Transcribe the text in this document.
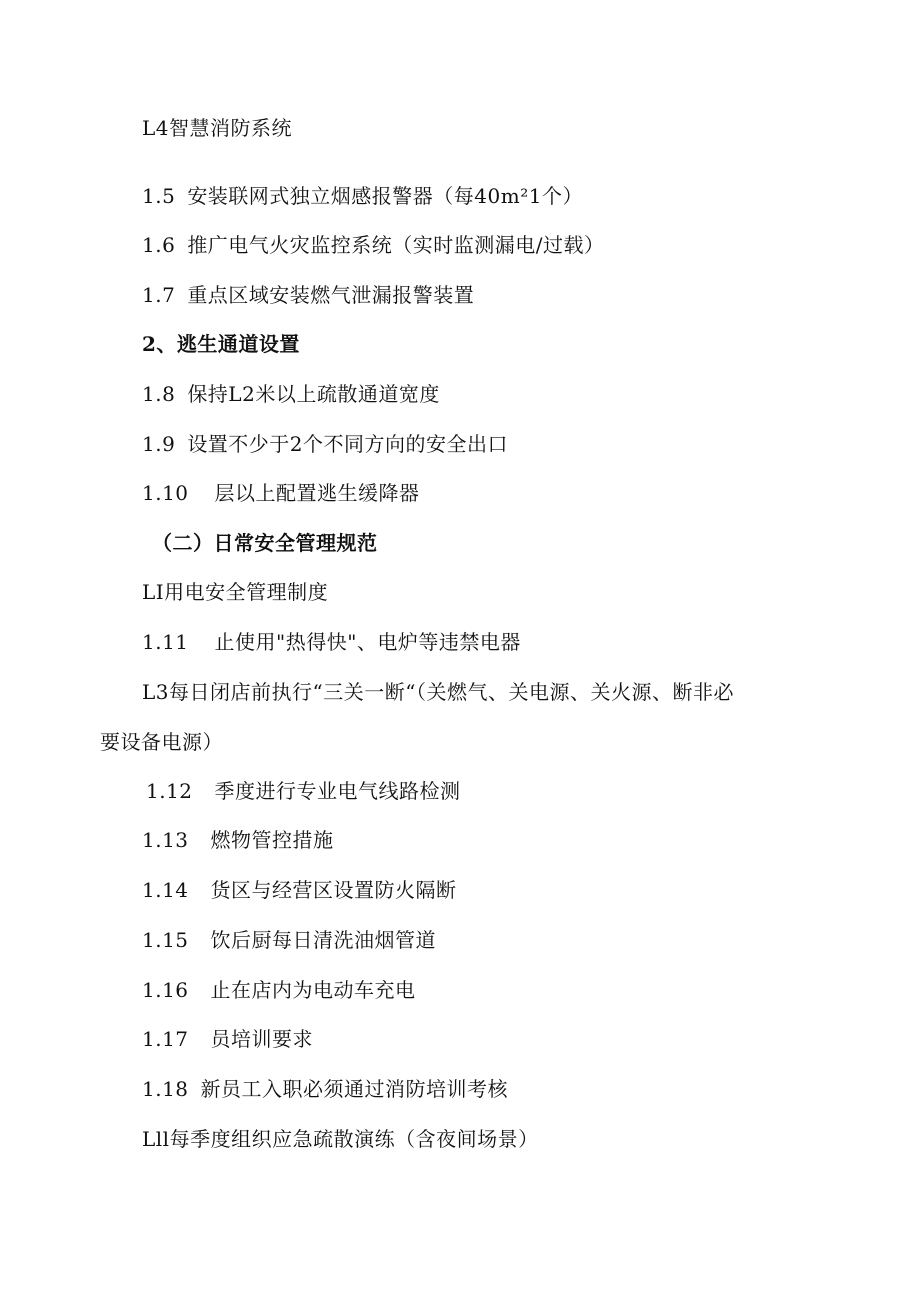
L4智慧消防系统
1.5 安装联网式独立烟感报警器（每40m²1个）
1.6 推广电气火灾监控系统（实时监测漏电/过载）
1.7 重点区域安装燃气泄漏报警装置
2、逃生通道设置
1.8 保持L2米以上疏散通道宽度
1.9 设置不少于2个不同方向的安全出口
1.10 层以上配置逃生缓降器
（二）日常安全管理规范
LI用电安全管理制度
1.11 止使用"热得快"、电炉等违禁电器
L3每日闭店前执行“三关一断“（关燃气、关电源、关火源、断非必
要设备电源）
1.12 季度进行专业电气线路检测
1.13 燃物管控措施
1.14 货区与经营区设置防火隔断
1.15 饮后厨每日清洗油烟管道
1.16 止在店内为电动车充电
1.17 员培训要求
1.18 新员工入职必须通过消防培训考核
Lll每季度组织应急疏散演练（含夜间场景）
